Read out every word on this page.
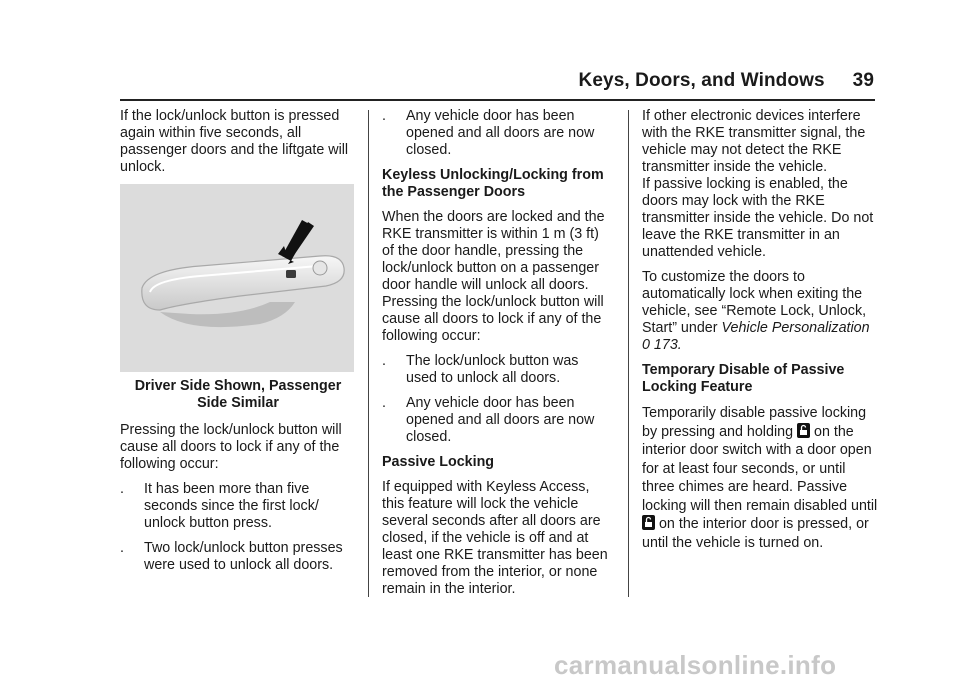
Keys, Doors, and Windows 39

If the lock/unlock button is pressed again within five seconds, all passenger doors and the liftgate will unlock.

Driver Side Shown, Passenger
Side Similar

Pressing the lock/unlock button will cause all doors to lock if any of the following occur:

.	It has been more than five seconds since the first lock/ unlock button press.
.	Two lock/unlock button presses were used to unlock all doors.
.	Any vehicle door has been opened and all doors are now closed.
Keyless Unlocking/Locking from the Passenger Doors

When the doors are locked and the RKE transmitter is within 1 m (3 ft) of the door handle, pressing the lock/unlock button on a passenger door handle will unlock all doors. Pressing the lock/unlock button will cause all doors to lock if any of the following occur:

.	The lock/unlock button was used to unlock all doors.
.	Any vehicle door has been opened and all doors are now closed.
Passive Locking

If equipped with Keyless Access, this feature will lock the vehicle several seconds after all doors are closed, if the vehicle is off and at least one RKE transmitter has been removed from the interior, or none remain in the interior.

If other electronic devices interfere with the RKE transmitter signal, the vehicle may not detect the RKE transmitter inside the vehicle.

If passive locking is enabled, the doors may lock with the RKE transmitter inside the vehicle. Do not leave the RKE transmitter in an unattended vehicle.

To customize the doors to automatically lock when exiting the vehicle, see “Remote Lock, Unlock, Start” under Vehicle Personalization 0 173.

Temporary Disable of Passive Locking Feature

Temporarily disable passive locking by pressing and holding on the interior door switch with a door open for at least four seconds, or until three chimes are heard. Passive locking will then remain disabled until  on the interior door is pressed, or until the vehicle is turned on.

carmanualsonline.info
